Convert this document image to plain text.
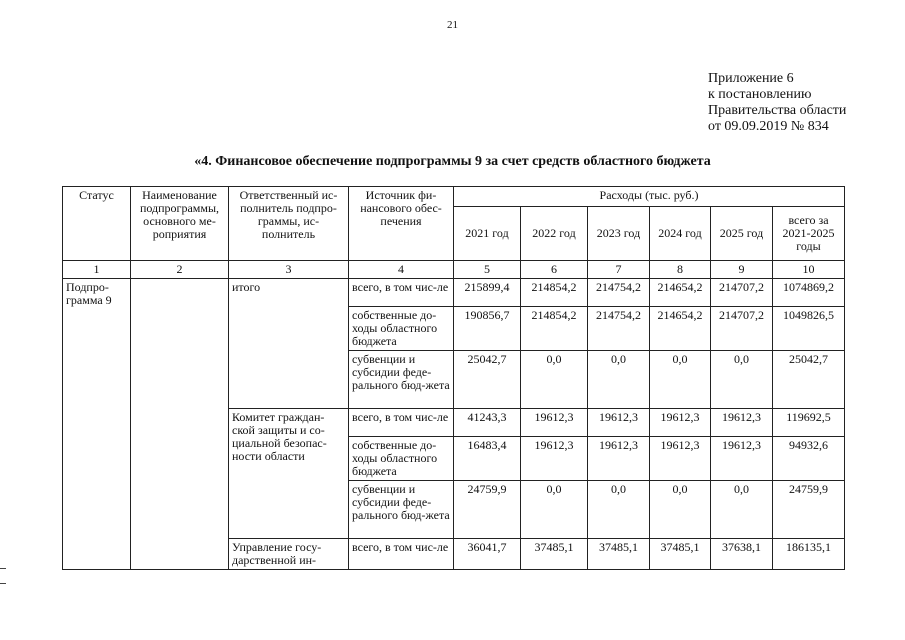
21
Приложение 6
к постановлению
Правительства области
от 09.09.2019 № 834
«4. Финансовое обеспечение подпрограммы 9 за счет средств областного бюджета
Статус	Наименование подпрограммы, основного ме-роприятия	Ответственный ис-полнитель подпро-граммы, ис-полнитель	Источник фи-нансового обес-печения	Расходы (тыс. руб.)					
				2021 год	2022 год	2023 год	2024 год	2025 год	всего за 2021-2025 годы
1	2	3	4	5	6	7	8	9	10
Подпро-грамма 9		итого	всего, в том чис-ле	215899,4	214854,2	214754,2	214654,2	214707,2	1074869,2
			собственные до-ходы областного бюджета	190856,7	214854,2	214754,2	214654,2	214707,2	1049826,5
			субвенции и субсидии феде-рального бюд-жета	25042,7	0,0	0,0	0,0	0,0	25042,7
		Комитет граждан-ской защиты и со-циальной безопас-ности области	всего, в том чис-ле	41243,3	19612,3	19612,3	19612,3	19612,3	119692,5
			собственные до-ходы областного бюджета	16483,4	19612,3	19612,3	19612,3	19612,3	94932,6
			субвенции и субсидии феде-рального бюд-жета	24759,9	0,0	0,0	0,0	0,0	24759,9
		Управление госу-дарственной ин-	всего, в том чис-ле	36041,7	37485,1	37485,1	37485,1	37638,1	186135,1
